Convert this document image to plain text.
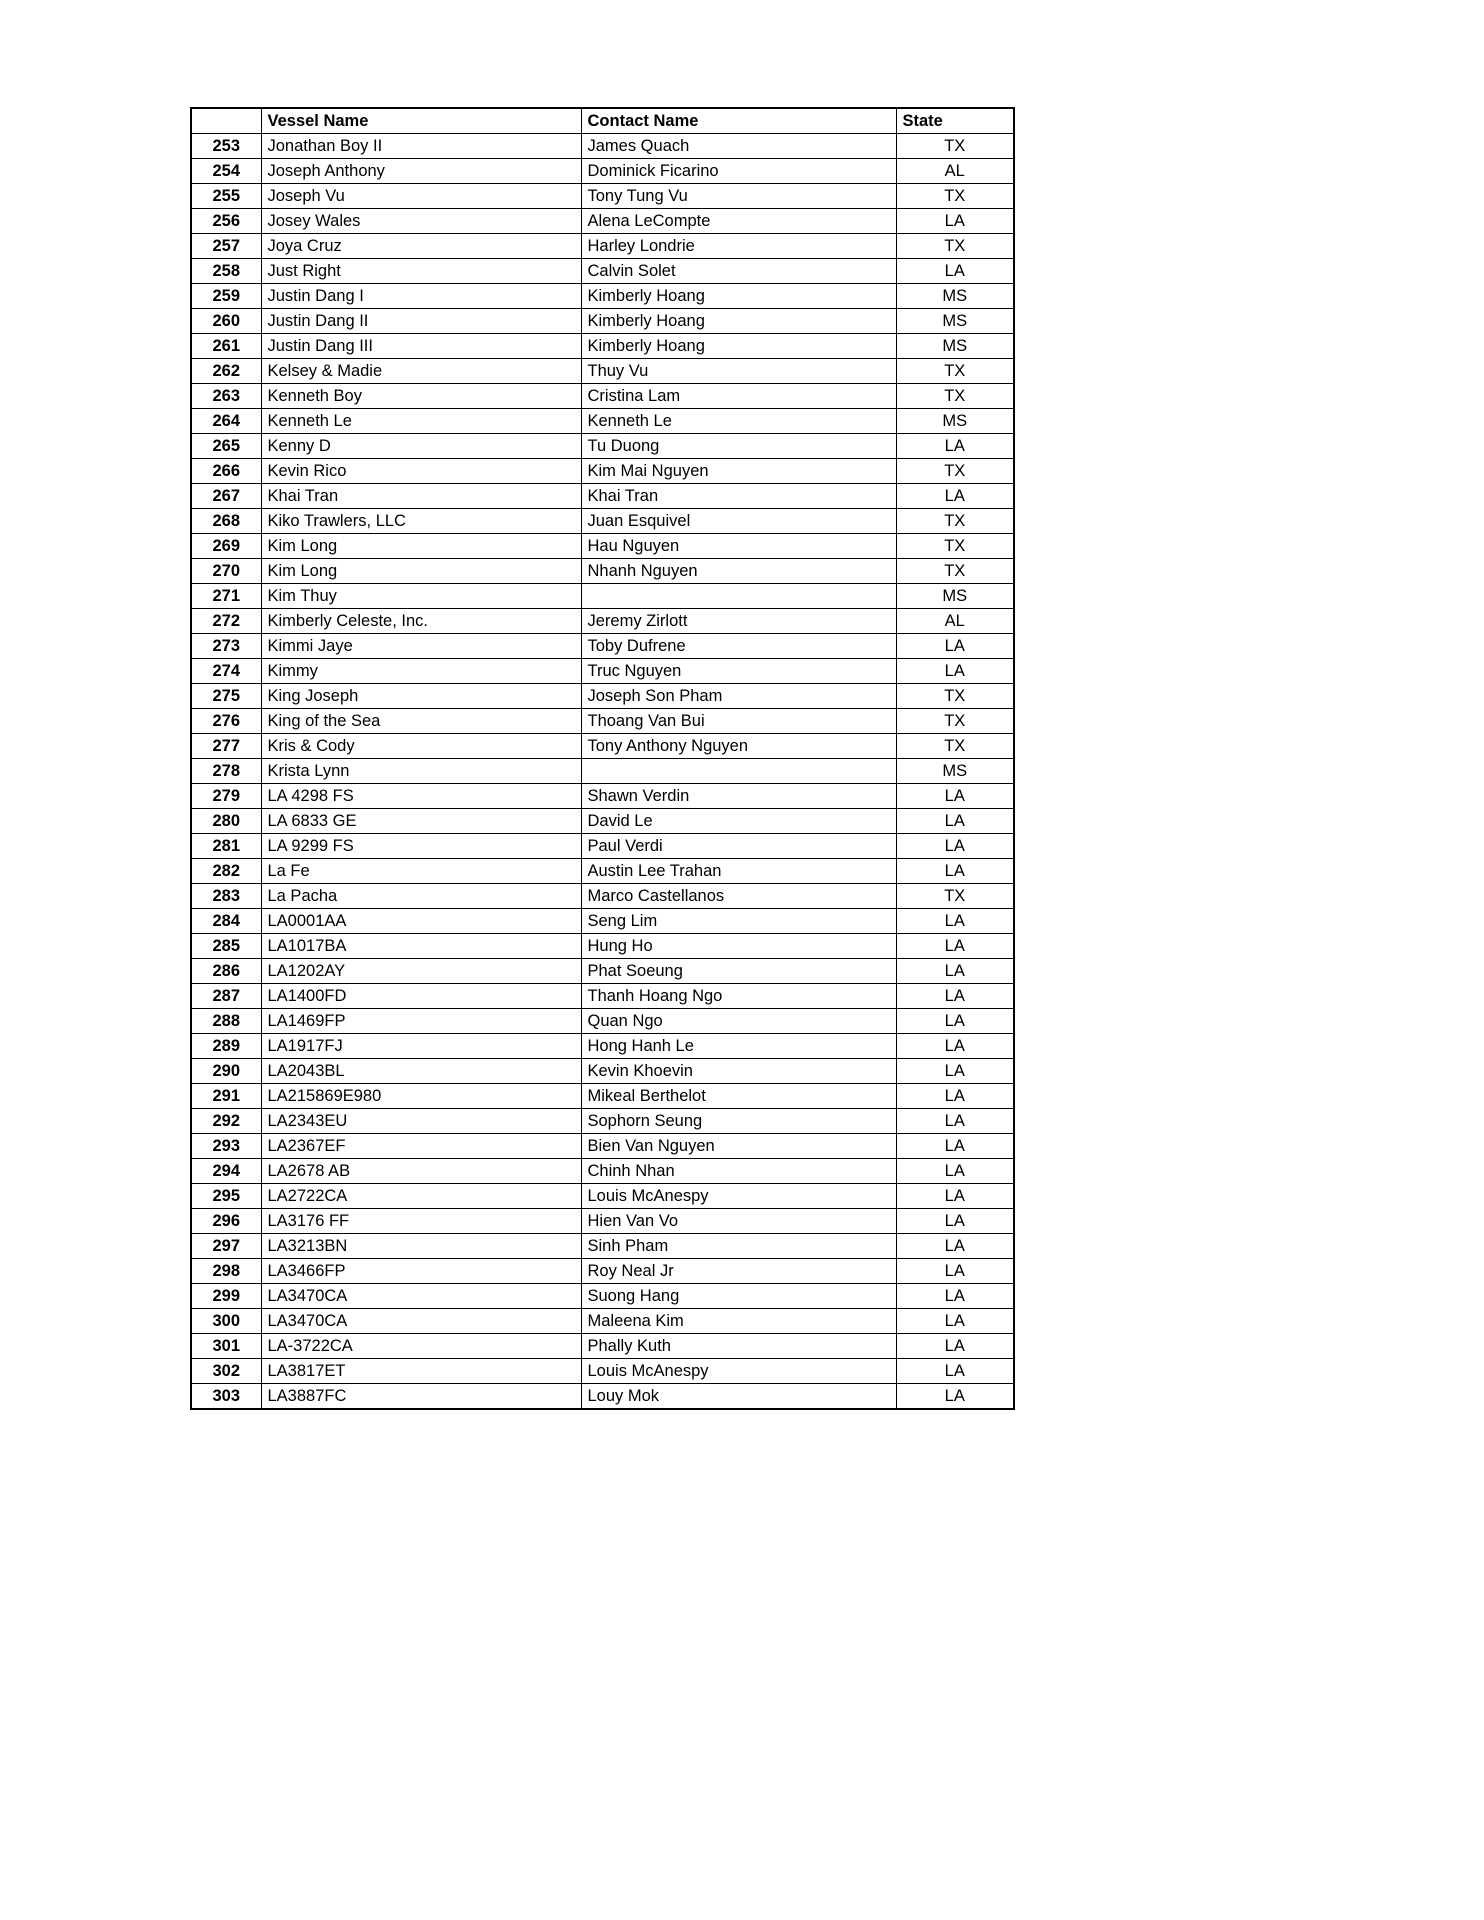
	Vessel Name	Contact Name	State
253	Jonathan Boy II	James Quach	TX
254	Joseph Anthony	Dominick Ficarino	AL
255	Joseph Vu	Tony Tung Vu	TX
256	Josey Wales	Alena LeCompte	LA
257	Joya Cruz	Harley Londrie	TX
258	Just Right	Calvin Solet	LA
259	Justin Dang I	Kimberly Hoang	MS
260	Justin Dang II	Kimberly Hoang	MS
261	Justin Dang III	Kimberly Hoang	MS
262	Kelsey & Madie	Thuy Vu	TX
263	Kenneth Boy	Cristina Lam	TX
264	Kenneth Le	Kenneth Le	MS
265	Kenny D	Tu Duong	LA
266	Kevin Rico	Kim Mai Nguyen	TX
267	Khai Tran	Khai Tran	LA
268	Kiko Trawlers, LLC	Juan Esquivel	TX
269	Kim Long	Hau Nguyen	TX
270	Kim Long	Nhanh Nguyen	TX
271	Kim Thuy		MS
272	Kimberly Celeste, Inc.	Jeremy Zirlott	AL
273	Kimmi Jaye	Toby Dufrene	LA
274	Kimmy	Truc Nguyen	LA
275	King Joseph	Joseph Son Pham	TX
276	King of the Sea	Thoang Van Bui	TX
277	Kris & Cody	Tony Anthony Nguyen	TX
278	Krista Lynn		MS
279	LA 4298 FS	Shawn Verdin	LA
280	LA 6833 GE	David Le	LA
281	LA 9299 FS	Paul Verdi	LA
282	La Fe	Austin Lee Trahan	LA
283	La Pacha	Marco Castellanos	TX
284	LA0001AA	Seng Lim	LA
285	LA1017BA	Hung Ho	LA
286	LA1202AY	Phat Soeung	LA
287	LA1400FD	Thanh Hoang Ngo	LA
288	LA1469FP	Quan Ngo	LA
289	LA1917FJ	Hong Hanh Le	LA
290	LA2043BL	Kevin Khoevin	LA
291	LA215869E980	Mikeal Berthelot	LA
292	LA2343EU	Sophorn Seung	LA
293	LA2367EF	Bien Van Nguyen	LA
294	LA2678 AB	Chinh Nhan	LA
295	LA2722CA	Louis McAnespy	LA
296	LA3176 FF	Hien Van Vo	LA
297	LA3213BN	Sinh Pham	LA
298	LA3466FP	Roy Neal Jr	LA
299	LA3470CA	Suong Hang	LA
300	LA3470CA	Maleena Kim	LA
301	LA-3722CA	Phally Kuth	LA
302	LA3817ET	Louis McAnespy	LA
303	LA3887FC	Louy Mok	LA
